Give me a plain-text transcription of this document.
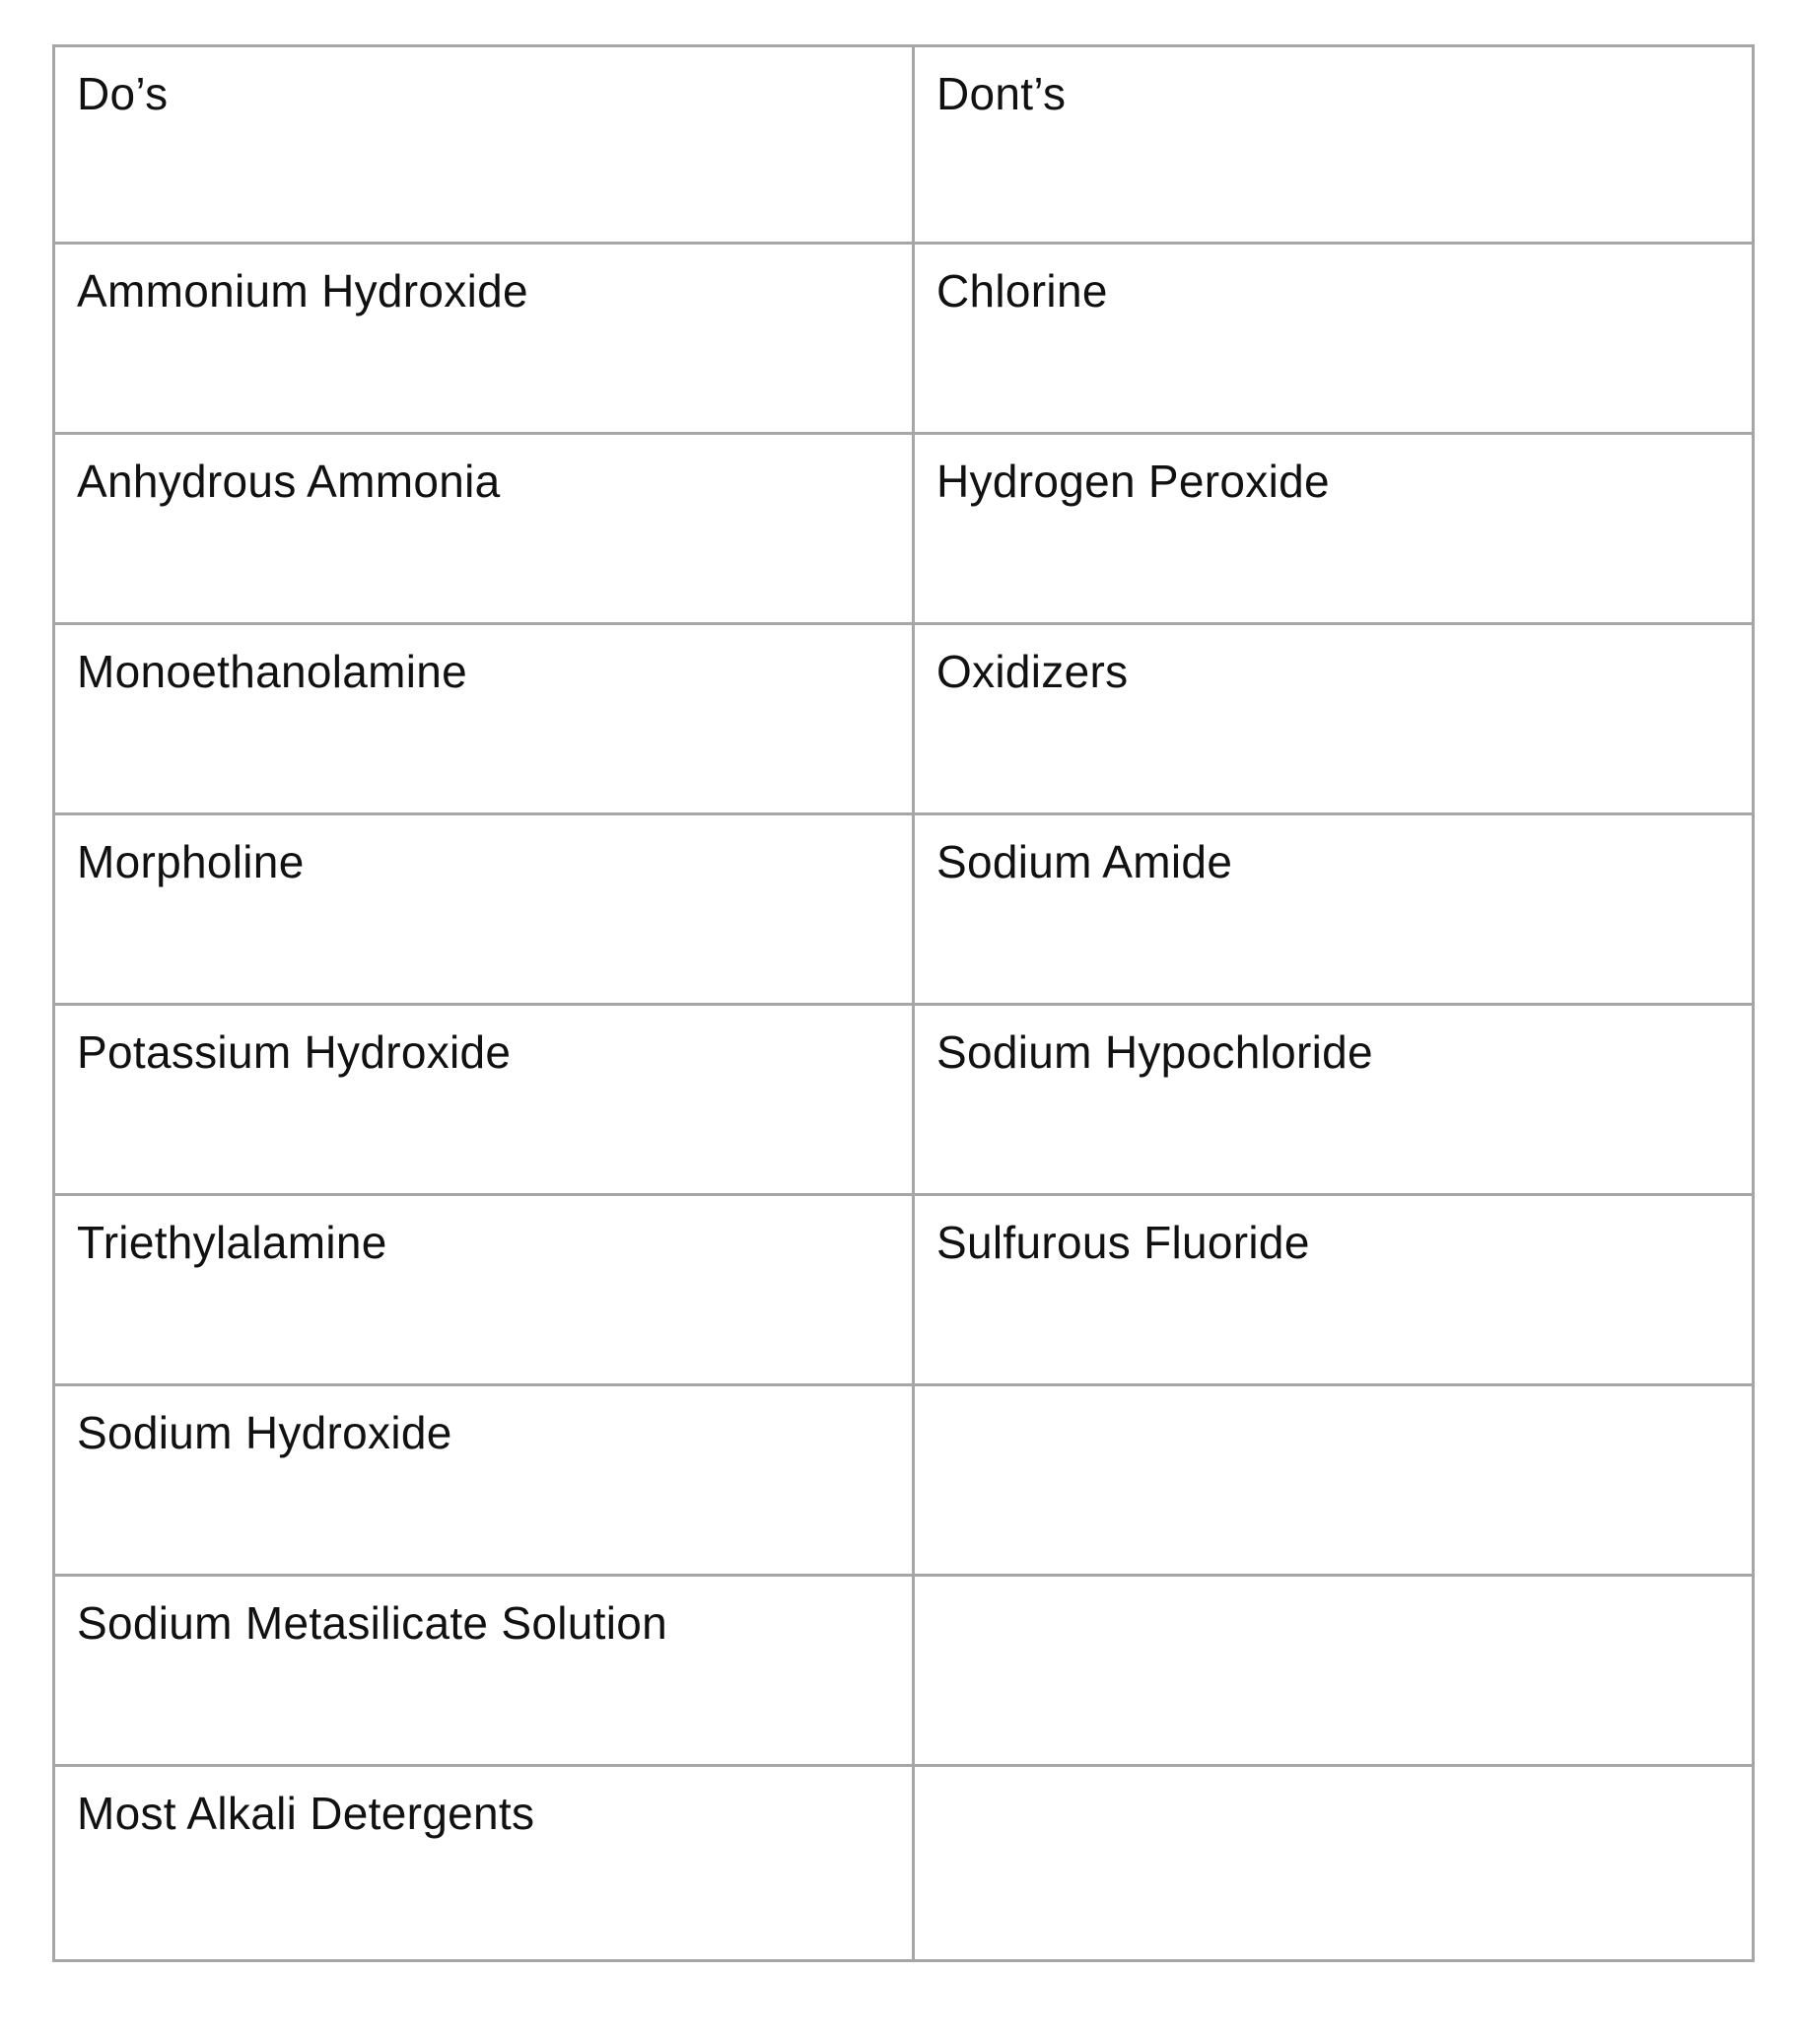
Do’s	Dont’s
Ammonium Hydroxide	Chlorine
Anhydrous Ammonia	Hydrogen Peroxide
Monoethanolamine	Oxidizers
Morpholine	Sodium Amide
Potassium Hydroxide	Sodium Hypochloride
Triethylalamine	Sulfurous Fluoride
Sodium Hydroxide	
Sodium Metasilicate Solution	
Most Alkali Detergents	
